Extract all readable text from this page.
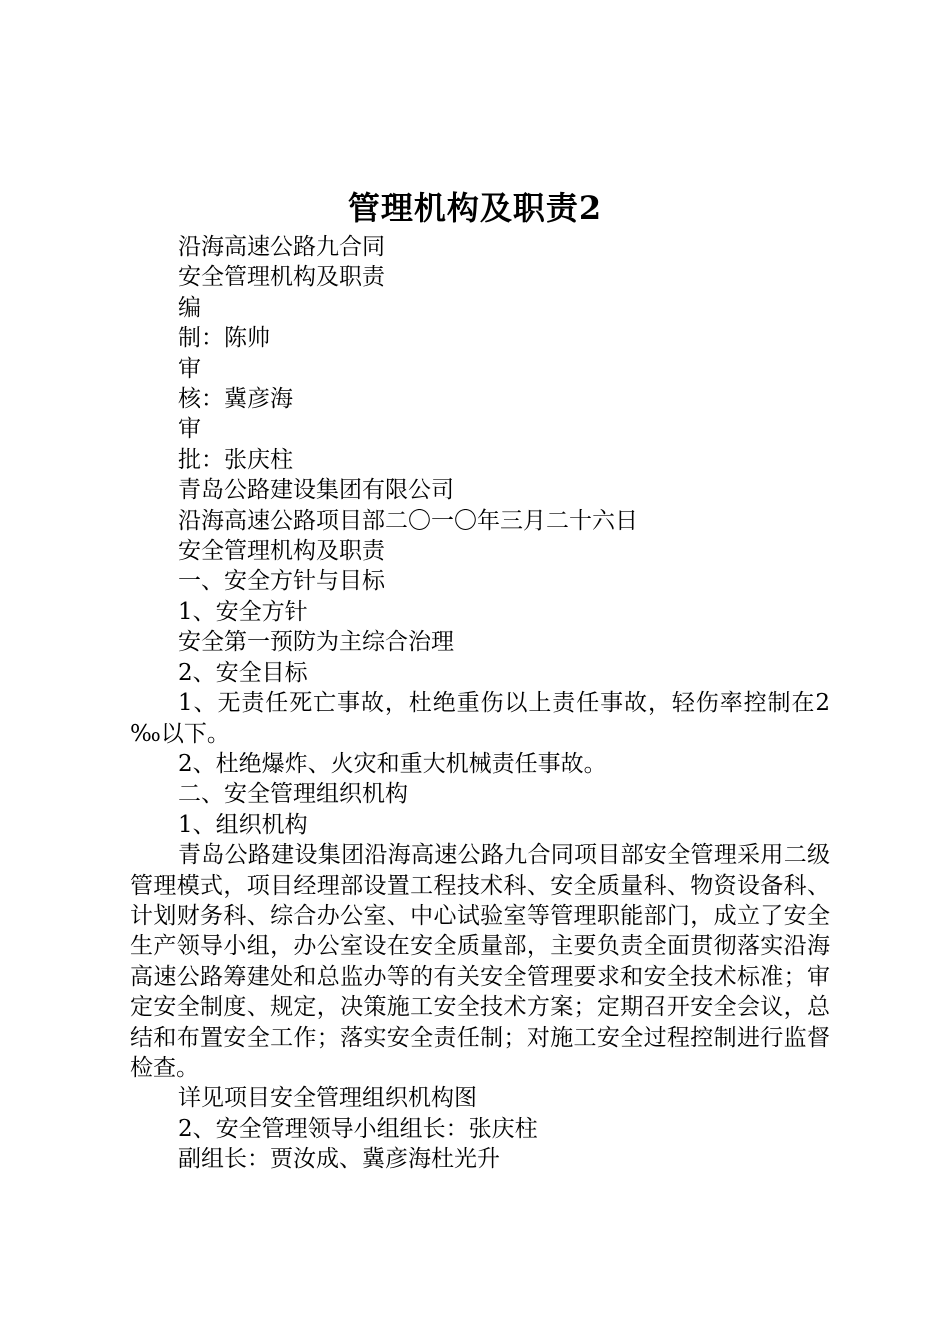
管理机构及职责2

沿海高速公路九合同

安全管理机构及职责

编

制：陈帅

审

核：冀彦海

审

批：张庆柱

青岛公路建设集团有限公司

沿海高速公路项目部二〇一〇年三月二十六日

安全管理机构及职责

一、安全方针与目标

1、安全方针

安全第一预防为主综合治理

2、安全目标

1、无责任死亡事故，杜绝重伤以上责任事故，轻伤率控制在2‰以下。

2、杜绝爆炸、火灾和重大机械责任事故。

二、安全管理组织机构

1、组织机构

青岛公路建设集团沿海高速公路九合同项目部安全管理采用二级管理模式，项目经理部设置工程技术科、安全质量科、物资设备科、计划财务科、综合办公室、中心试验室等管理职能部门，成立了安全生产领导小组，办公室设在安全质量部，主要负责全面贯彻落实沿海高速公路筹建处和总监办等的有关安全管理要求和安全技术标准；审定安全制度、规定，决策施工安全技术方案；定期召开安全会议，总结和布置安全工作；落实安全责任制；对施工安全过程控制进行监督检查。

详见项目安全管理组织机构图

2、安全管理领导小组组长：张庆柱

副组长：贾汝成、冀彦海杜光升
